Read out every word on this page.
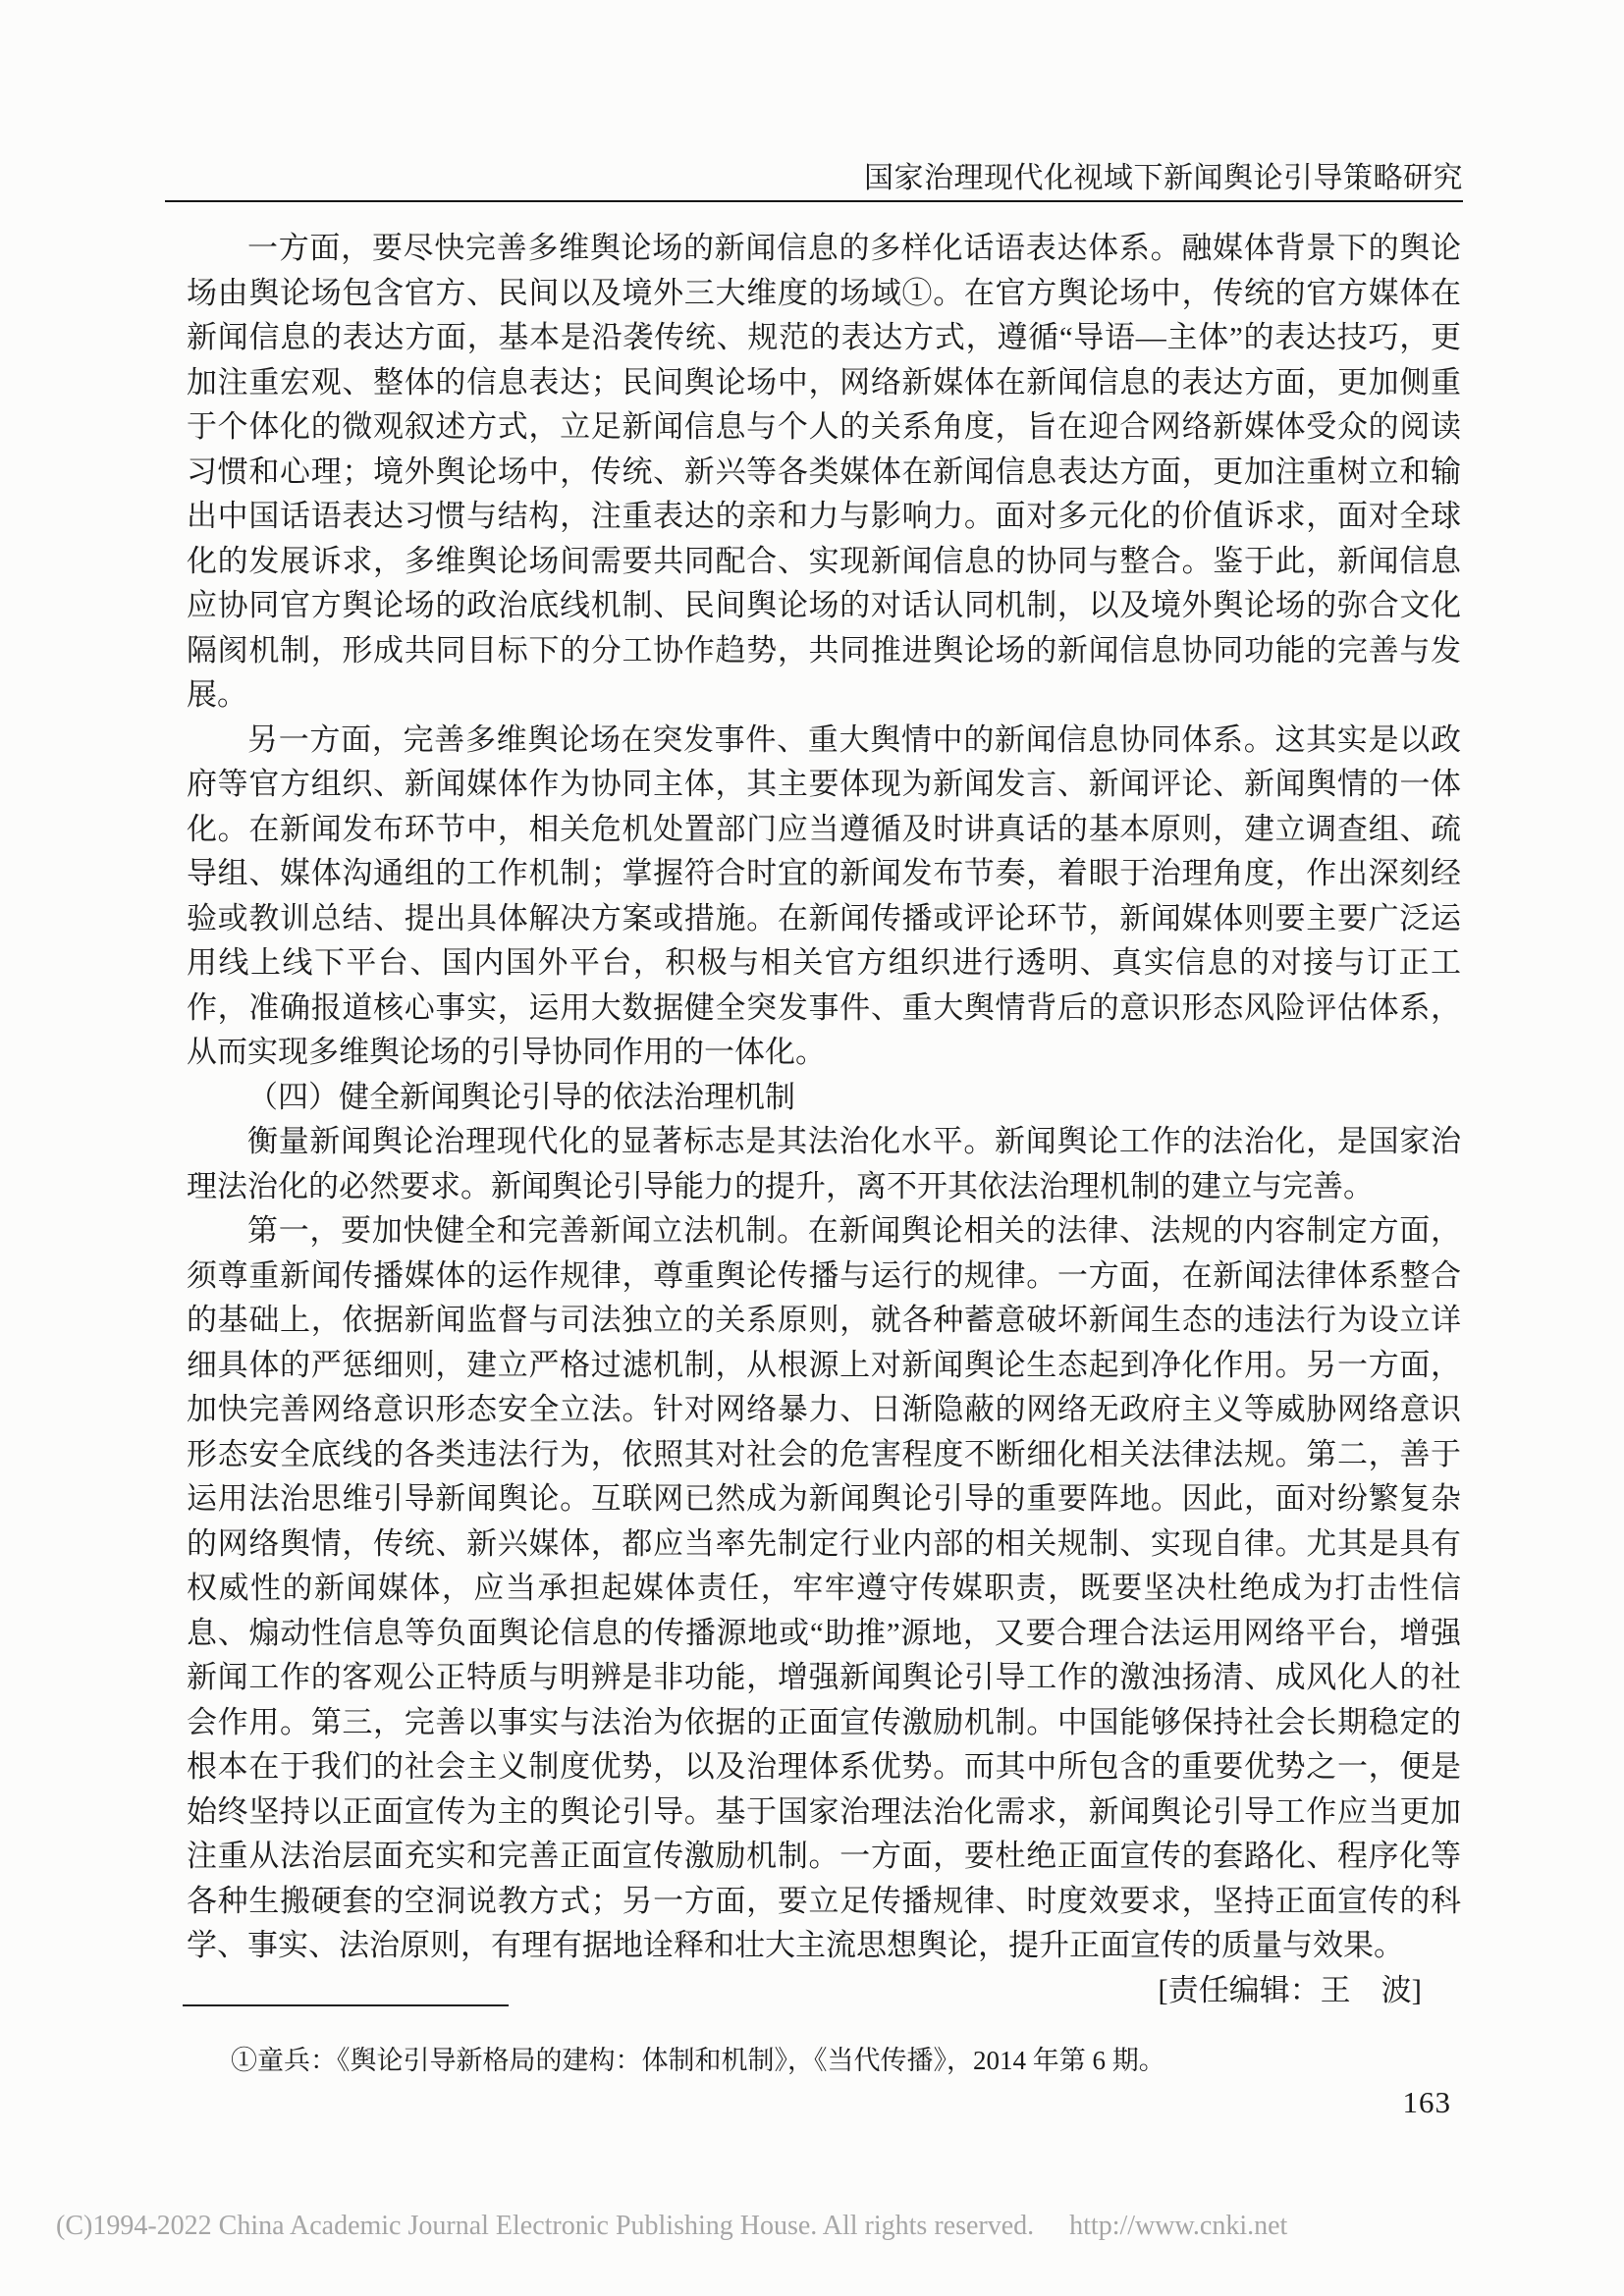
国家治理现代化视域下新闻舆论引导策略研究

一方面，要尽快完善多维舆论场的新闻信息的多样化话语表达体系。融媒体背景下的舆论场由舆论场包含官方、民间以及境外三大维度的场域①。在官方舆论场中，传统的官方媒体在新闻信息的表达方面，基本是沿袭传统、规范的表达方式，遵循“导语—主体”的表达技巧，更加注重宏观、整体的信息表达；民间舆论场中，网络新媒体在新闻信息的表达方面，更加侧重于个体化的微观叙述方式，立足新闻信息与个人的关系角度，旨在迎合网络新媒体受众的阅读习惯和心理；境外舆论场中，传统、新兴等各类媒体在新闻信息表达方面，更加注重树立和输出中国话语表达习惯与结构，注重表达的亲和力与影响力。面对多元化的价值诉求，面对全球化的发展诉求，多维舆论场间需要共同配合、实现新闻信息的协同与整合。鉴于此，新闻信息应协同官方舆论场的政治底线机制、民间舆论场的对话认同机制，以及境外舆论场的弥合文化隔阂机制，形成共同目标下的分工协作趋势，共同推进舆论场的新闻信息协同功能的完善与发展。

另一方面，完善多维舆论场在突发事件、重大舆情中的新闻信息协同体系。这其实是以政府等官方组织、新闻媒体作为协同主体，其主要体现为新闻发言、新闻评论、新闻舆情的一体化。在新闻发布环节中，相关危机处置部门应当遵循及时讲真话的基本原则，建立调查组、疏导组、媒体沟通组的工作机制；掌握符合时宜的新闻发布节奏，着眼于治理角度，作出深刻经验或教训总结、提出具体解决方案或措施。在新闻传播或评论环节，新闻媒体则要主要广泛运用线上线下平台、国内国外平台，积极与相关官方组织进行透明、真实信息的对接与订正工作，准确报道核心事实，运用大数据健全突发事件、重大舆情背后的意识形态风险评估体系，从而实现多维舆论场的引导协同作用的一体化。

（四）健全新闻舆论引导的依法治理机制

衡量新闻舆论治理现代化的显著标志是其法治化水平。新闻舆论工作的法治化，是国家治理法治化的必然要求。新闻舆论引导能力的提升，离不开其依法治理机制的建立与完善。

第一，要加快健全和完善新闻立法机制。在新闻舆论相关的法律、法规的内容制定方面，须尊重新闻传播媒体的运作规律，尊重舆论传播与运行的规律。一方面，在新闻法律体系整合的基础上，依据新闻监督与司法独立的关系原则，就各种蓄意破坏新闻生态的违法行为设立详细具体的严惩细则，建立严格过滤机制，从根源上对新闻舆论生态起到净化作用。另一方面，加快完善网络意识形态安全立法。针对网络暴力、日渐隐蔽的网络无政府主义等威胁网络意识形态安全底线的各类违法行为，依照其对社会的危害程度不断细化相关法律法规。第二，善于运用法治思维引导新闻舆论。互联网已然成为新闻舆论引导的重要阵地。因此，面对纷繁复杂的网络舆情，传统、新兴媒体，都应当率先制定行业内部的相关规制、实现自律。尤其是具有权威性的新闻媒体，应当承担起媒体责任，牢牢遵守传媒职责，既要坚决杜绝成为打击性信息、煽动性信息等负面舆论信息的传播源地或“助推”源地，又要合理合法运用网络平台，增强新闻工作的客观公正特质与明辨是非功能，增强新闻舆论引导工作的激浊扬清、成风化人的社会作用。第三，完善以事实与法治为依据的正面宣传激励机制。中国能够保持社会长期稳定的根本在于我们的社会主义制度优势，以及治理体系优势。而其中所包含的重要优势之一，便是始终坚持以正面宣传为主的舆论引导。基于国家治理法治化需求，新闻舆论引导工作应当更加注重从法治层面充实和完善正面宣传激励机制。一方面，要杜绝正面宣传的套路化、程序化等各种生搬硬套的空洞说教方式；另一方面，要立足传播规律、时度效要求，坚持正面宣传的科学、事实、法治原则，有理有据地诠释和壮大主流思想舆论，提升正面宣传的质量与效果。

[责任编辑：王　波]

①童兵：《舆论引导新格局的建构：体制和机制》，《当代传播》，2014 年第 6 期。
163
(C)1994-2022 China Academic Journal Electronic Publishing House. All rights reserved. http://www.cnki.net
